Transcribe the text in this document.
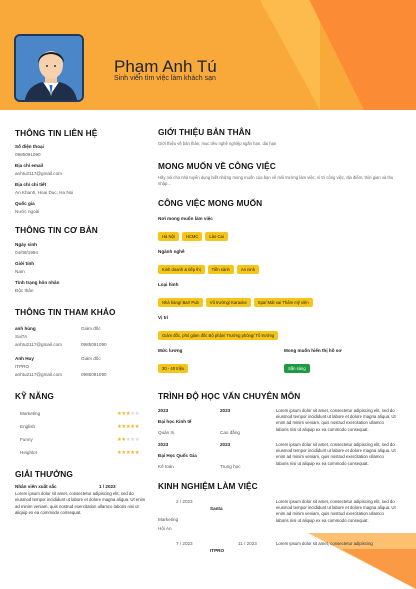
Phạm Anh Tú
Sinh viên tìm việc làm khách sạn
THÔNG TIN LIÊN HỆ
Số điện thoại
0985091090
Địa chỉ email
anhtu2117@gmail.com
Địa chỉ chi tiết
An Khanh, Hoai Duc, Ha Noi
Quốc gia
Nước ngoài
THÔNG TIN CƠ BẢN
Ngày sinh
04/08/1994
Giới tính
Nam
Tình trạng hôn nhân
Độc thân
THÔNG TIN THAM KHẢO
anh hùng	Giám đốc
SaiTA
anhtu2117@gmail.com	0985091090
Anh Huy	Giám đốc
ITPRO
anhtu2117@gmail.com	0985091090
KỸ NĂNG
Marketing	★★★★★
English	★★★★★
Funny	★★★★★
Heighlot	★★★★★
GIẢI THƯỞNG
Nhân viên xuất sắc	1 / 2023
Lorem ipsum dolor sit amet, consectetur adipiscing elit, sed do eiusmod tempor incididunt ut labore et dolore magna aliqua. Ut enim ad minim veniam, quis nostrud exercitation ullamco laboris nisi ut aliquip ex ea commodo consequat.
GIỚI THIỆU BẢN THÂN
Giới thiệu về bản thân, mục tiêu nghề nghiệp ngắn hạn, dài hạn
MONG MUỐN VỀ CÔNG VIỆC
Hãy nói cho nhà tuyển dụng biết những mong muốn của bạn về môi trường làm việc, ví trí công việc, địa điểm, thời gian và thu nhập...
CÔNG VIỆC MONG MUỐN
Nơi mong muốn làm việc
Hà Nội	HCMC	Lào Cai
Ngành nghề
Kinh doanh & tiếp thị	Tiền sảnh	An ninh
Loại hình
Nhà hàng/ Bar/ Pub	Vũ trường/ Karaoke	Spa/ Mát xa/ Thẩm mỹ viện
Vị trí
Giám đốc, phó giám đốc Bộ phận/ Trưởng phòng/ Tổ trưởng
Mức lương
30 - 40 triệu
Mong muốn hiển thị hồ sơ
Sẵn sàng
TRÌNH ĐỘ HỌC VẤN CHUYÊN MÔN
2023	2023
Đại học Kinh tế
Quản trị	Cao đẳng
Lorem ipsum dolor sit amet, consectetur adipiscing elit, sed do eiusmod tempor incididunt ut labore et dolore magna aliqua. Ut enim ad minim veniam, quis nostrud exercitation ullamco laboris nisi ut aliquip ex ea commodo consequat.
2023	2023
Đại Học Quốc Gia
Kế toán	Trung học
Lorem ipsum dolor sit amet, consectetur adipiscing elit, sed do eiusmod tempor incididunt ut labore et dolore magna aliqua. Ut enim ad minim veniam, quis nostrud exercitation ullamco laboris nisi ut aliquip ex ea commodo consequat.
KINH NGHIỆM LÀM VIỆC
2 / 2023
Santa
Marketing
Hội An
Lorem ipsum dolor sit amet, consectetur adipiscing elit, sed do eiusmod tempor incididunt ut labore et dolore magna aliqua. Ut enim ad minim veniam, quis nostrud exercitation ullamco laboris nisi ut aliquip ex ea commodo consequat.
7 / 2023	11 / 2023
ITPRO
Lorem ipsum dolor sit amet, consectetur adipiscing
